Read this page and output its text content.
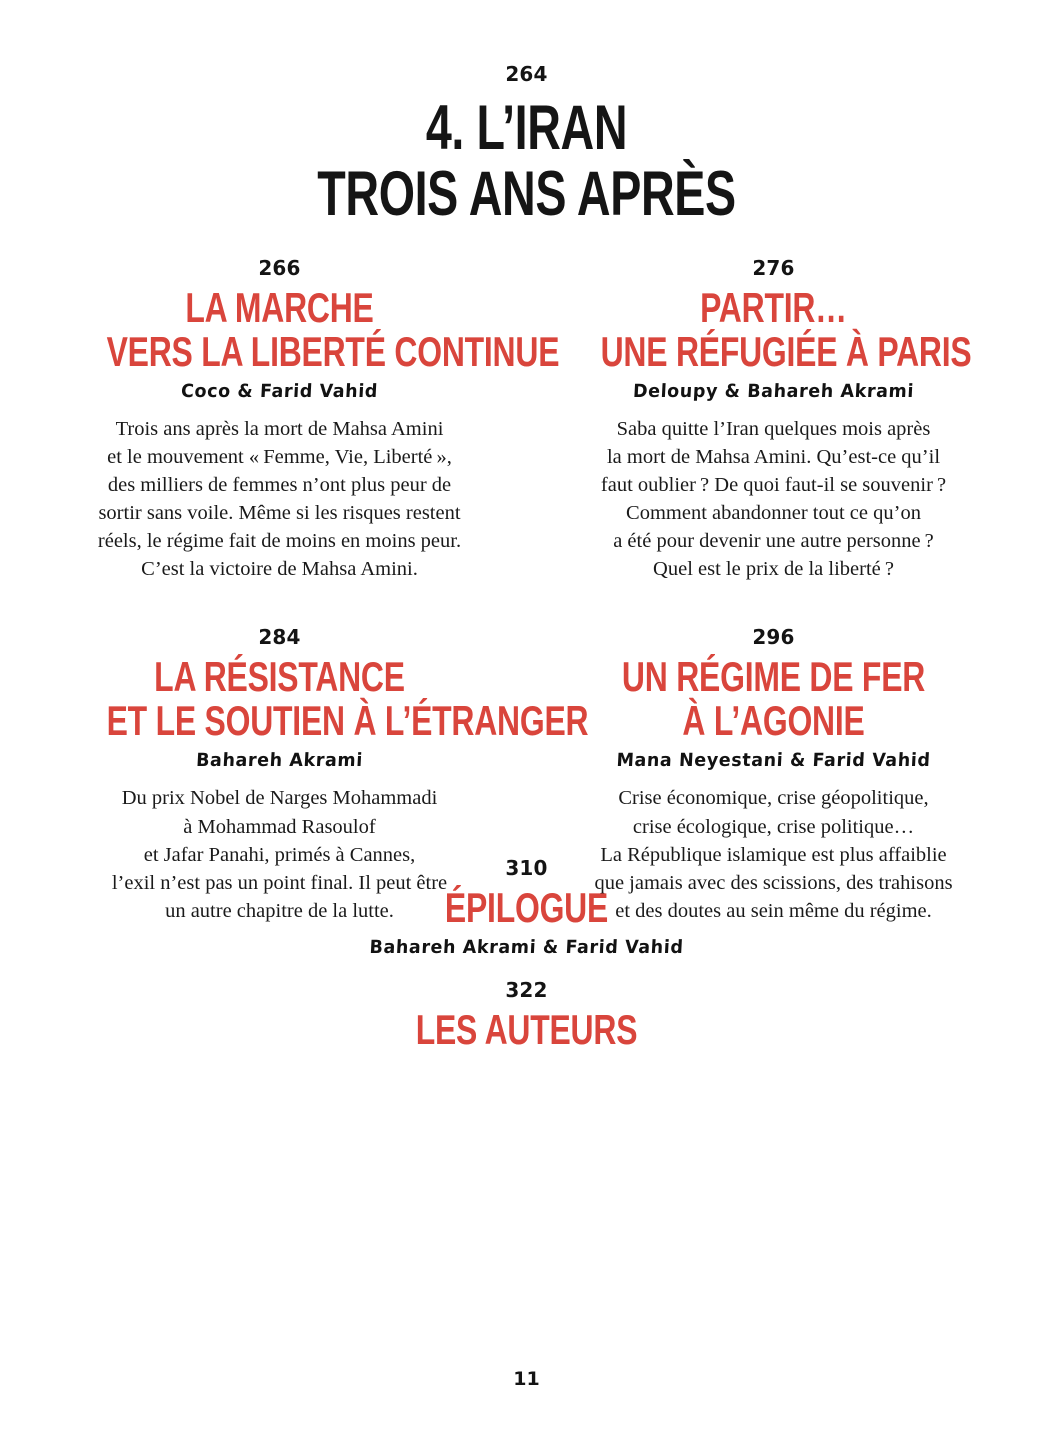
264
4. L’IRAN
TROIS ANS APRÈS
266
LA MARCHE
VERS LA LIBERTÉ CONTINUE
Coco & Farid Vahid
Trois ans après la mort de Mahsa Amini
et le mouvement « Femme, Vie, Liberté »,
des milliers de femmes n’ont plus peur de
sortir sans voile. Même si les risques restent
réels, le régime fait de moins en moins peur.
C’est la victoire de Mahsa Amini.
276
PARTIR…
UNE RÉFUGIÉE À PARIS
Deloupy & Bahareh Akrami
Saba quitte l’Iran quelques mois après
la mort de Mahsa Amini. Qu’est-ce qu’il
faut oublier ? De quoi faut-il se souvenir ?
Comment abandonner tout ce qu’on
a été pour devenir une autre personne ?
Quel est le prix de la liberté ?
284
LA RÉSISTANCE
ET LE SOUTIEN À L’ÉTRANGER
Bahareh Akrami
Du prix Nobel de Narges Mohammadi
à Mohammad Rasoulof
et Jafar Panahi, primés à Cannes,
l’exil n’est pas un point final. Il peut être
un autre chapitre de la lutte.
296
UN RÉGIME DE FER
À L’AGONIE
Mana Neyestani & Farid Vahid
Crise économique, crise géopolitique,
crise écologique, crise politique…
La République islamique est plus affaiblie
que jamais avec des scissions, des trahisons
et des doutes au sein même du régime.
310
ÉPILOGUE
Bahareh Akrami & Farid Vahid
322
LES AUTEURS
11
